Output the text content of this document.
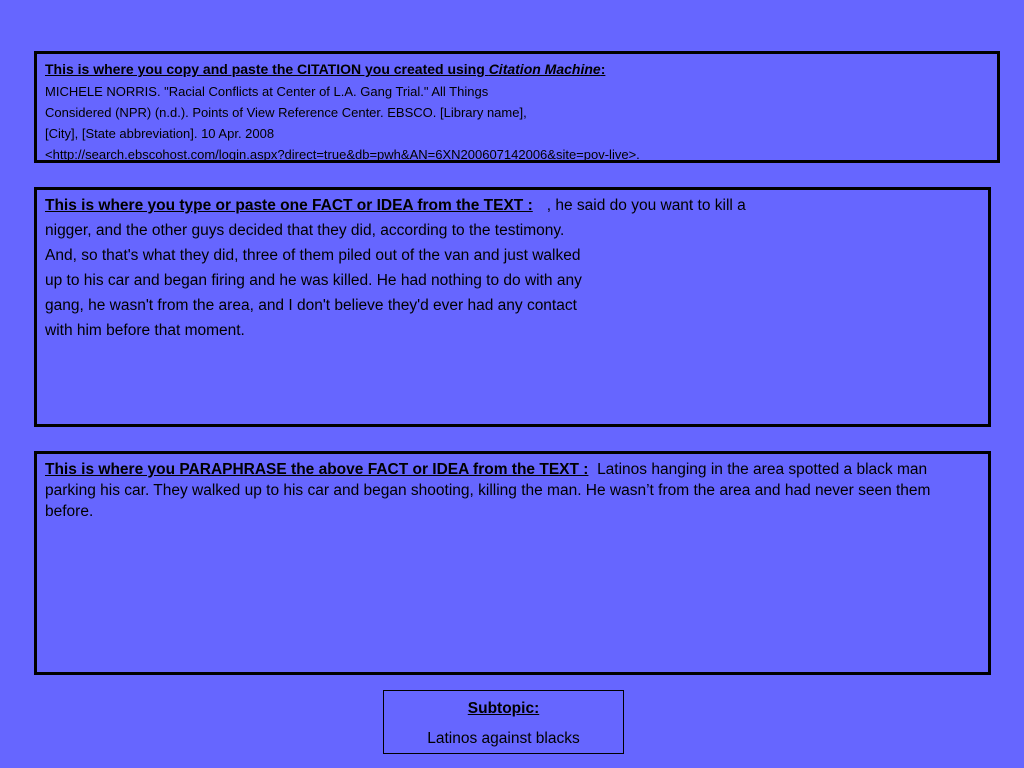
This is where you copy and paste the CITATION you created using Citation Machine:
MICHELE NORRIS. "Racial Conflicts at Center of L.A. Gang Trial." All Things
Considered (NPR) (n.d.). Points of View Reference Center. EBSCO. [Library name],
[City], [State abbreviation]. 10 Apr. 2008
<http://search.ebscohost.com/login.aspx?direct=true&db=pwh&AN=6XN200607142006&site=pov-live>.
This is where you type or paste one FACT or IDEA from the TEXT : , he said do you want to kill a
nigger, and the other guys decided that they did, according to the testimony.
And, so that's what they did, three of them piled out of the van and just walked
up to his car and began firing and he was killed. He had nothing to do with any
gang, he wasn't from the area, and I don't believe they'd ever had any contact
with him before that moment.
This is where you PARAPHRASE the above FACT or IDEA from the TEXT : Latinos hanging in the area spotted a black man parking his car. They walked up to his car and began shooting, killing the man. He wasn’t from the area and had never seen them before.
Subtopic:
Latinos against blacks
